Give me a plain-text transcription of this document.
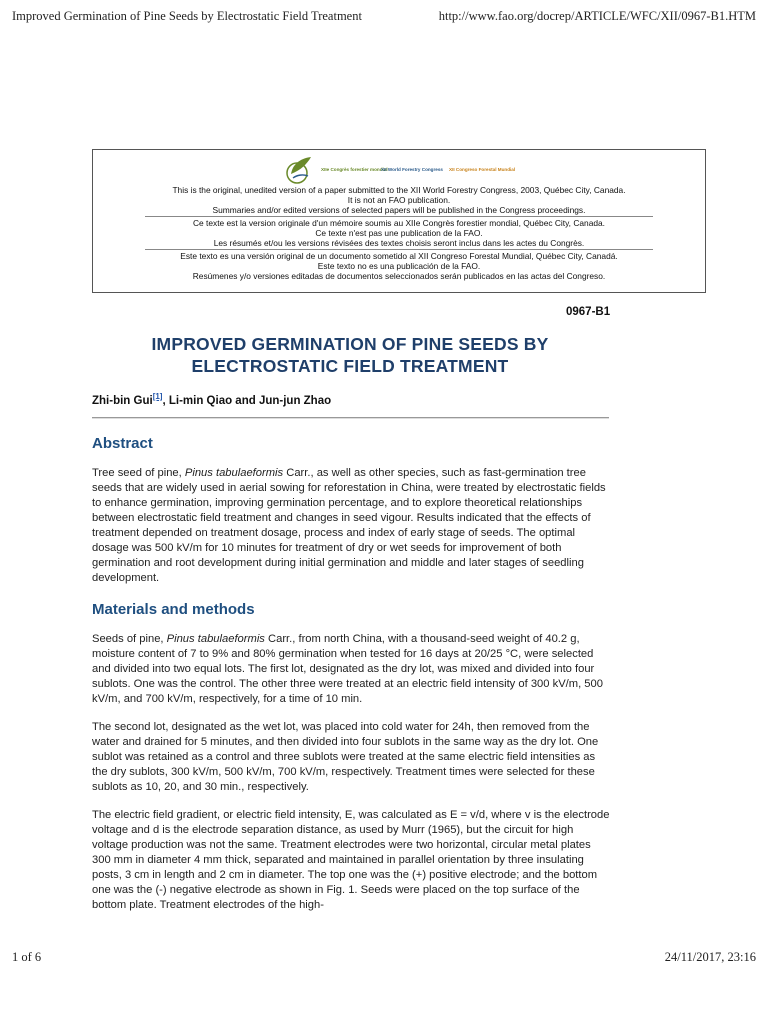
Improved Germination of Pine Seeds by Electrostatic Field Treatment	http://www.fao.org/docrep/ARTICLE/WFC/XII/0967-B1.HTM
XIIe Congrès forestier mondial
XII World Forestry Congress XII Congreso Forestal Mundial
This is the original, unedited version of a paper submitted to the XII World Forestry Congress, 2003, Québec City, Canada.
It is not an FAO publication.
Summaries and/or edited versions of selected papers will be published in the Congress proceedings.
Ce texte est la version originale d'un mémoire soumis au XIIe Congrès forestier mondial, Québec City, Canada.
Ce texte n'est pas une publication de la FAO.
Les résumés et/ou les versions révisées des textes choisis seront inclus dans les actes du Congrès.
Este texto es una versión original de un documento sometido al XII Congreso Forestal Mundial, Québec City, Canadá.
Este texto no es una publicación de la FAO.
Resúmenes y/o versiones editadas de documentos seleccionados serán publicados en las actas del Congreso.
0967-B1
IMPROVED GERMINATION OF PINE SEEDS BY
ELECTROSTATIC FIELD TREATMENT
Zhi-bin Gui[1], Li-min Qiao and Jun-jun Zhao
Abstract
Tree seed of pine, Pinus tabulaeformis Carr., as well as other species, such as fast-germination tree seeds that are widely used in aerial sowing for reforestation in China, were treated by electrostatic fields to enhance germination, improving germination percentage, and to explore theoretical relationships between electrostatic field treatment and changes in seed vigour. Results indicated that the effects of treatment depended on treatment dosage, process and index of early stage of seeds. The optimal dosage was 500 kV/m for 10 minutes for treatment of dry or wet seeds for improvement of both germination and root development during initial germination and middle and later stages of seedling development.
Materials and methods
Seeds of pine, Pinus tabulaeformis Carr., from north China, with a thousand-seed weight of 40.2 g, moisture content of 7 to 9% and 80% germination when tested for 16 days at 20/25 °C, were selected and divided into two equal lots. The first lot, designated as the dry lot, was mixed and divided into four sublots. One was the control. The other three were treated at an electric field intensity of 300 kV/m, 500 kV/m, and 700 kV/m, respectively, for a time of 10 min.
The second lot, designated as the wet lot, was placed into cold water for 24h, then removed from the water and drained for 5 minutes, and then divided into four sublots in the same way as the dry lot. One sublot was retained as a control and three sublots were treated at the same electric field intensities as the dry sublots, 300 kV/m, 500 kV/m, 700 kV/m, respectively. Treatment times were selected for these sublots as 10, 20, and 30 min., respectively.
The electric field gradient, or electric field intensity, E, was calculated as E = v/d, where v is the electrode voltage and d is the electrode separation distance, as used by Murr (1965), but the circuit for high voltage production was not the same. Treatment electrodes were two horizontal, circular metal plates 300 mm in diameter 4 mm thick, separated and maintained in parallel orientation by three insulating posts, 3 cm in length and 2 cm in diameter. The top one was the (+) positive electrode; and the bottom one was the (-) negative electrode as shown in Fig. 1. Seeds were placed on the top surface of the bottom plate. Treatment electrodes of the high-
1 of 6	24/11/2017, 23:16
